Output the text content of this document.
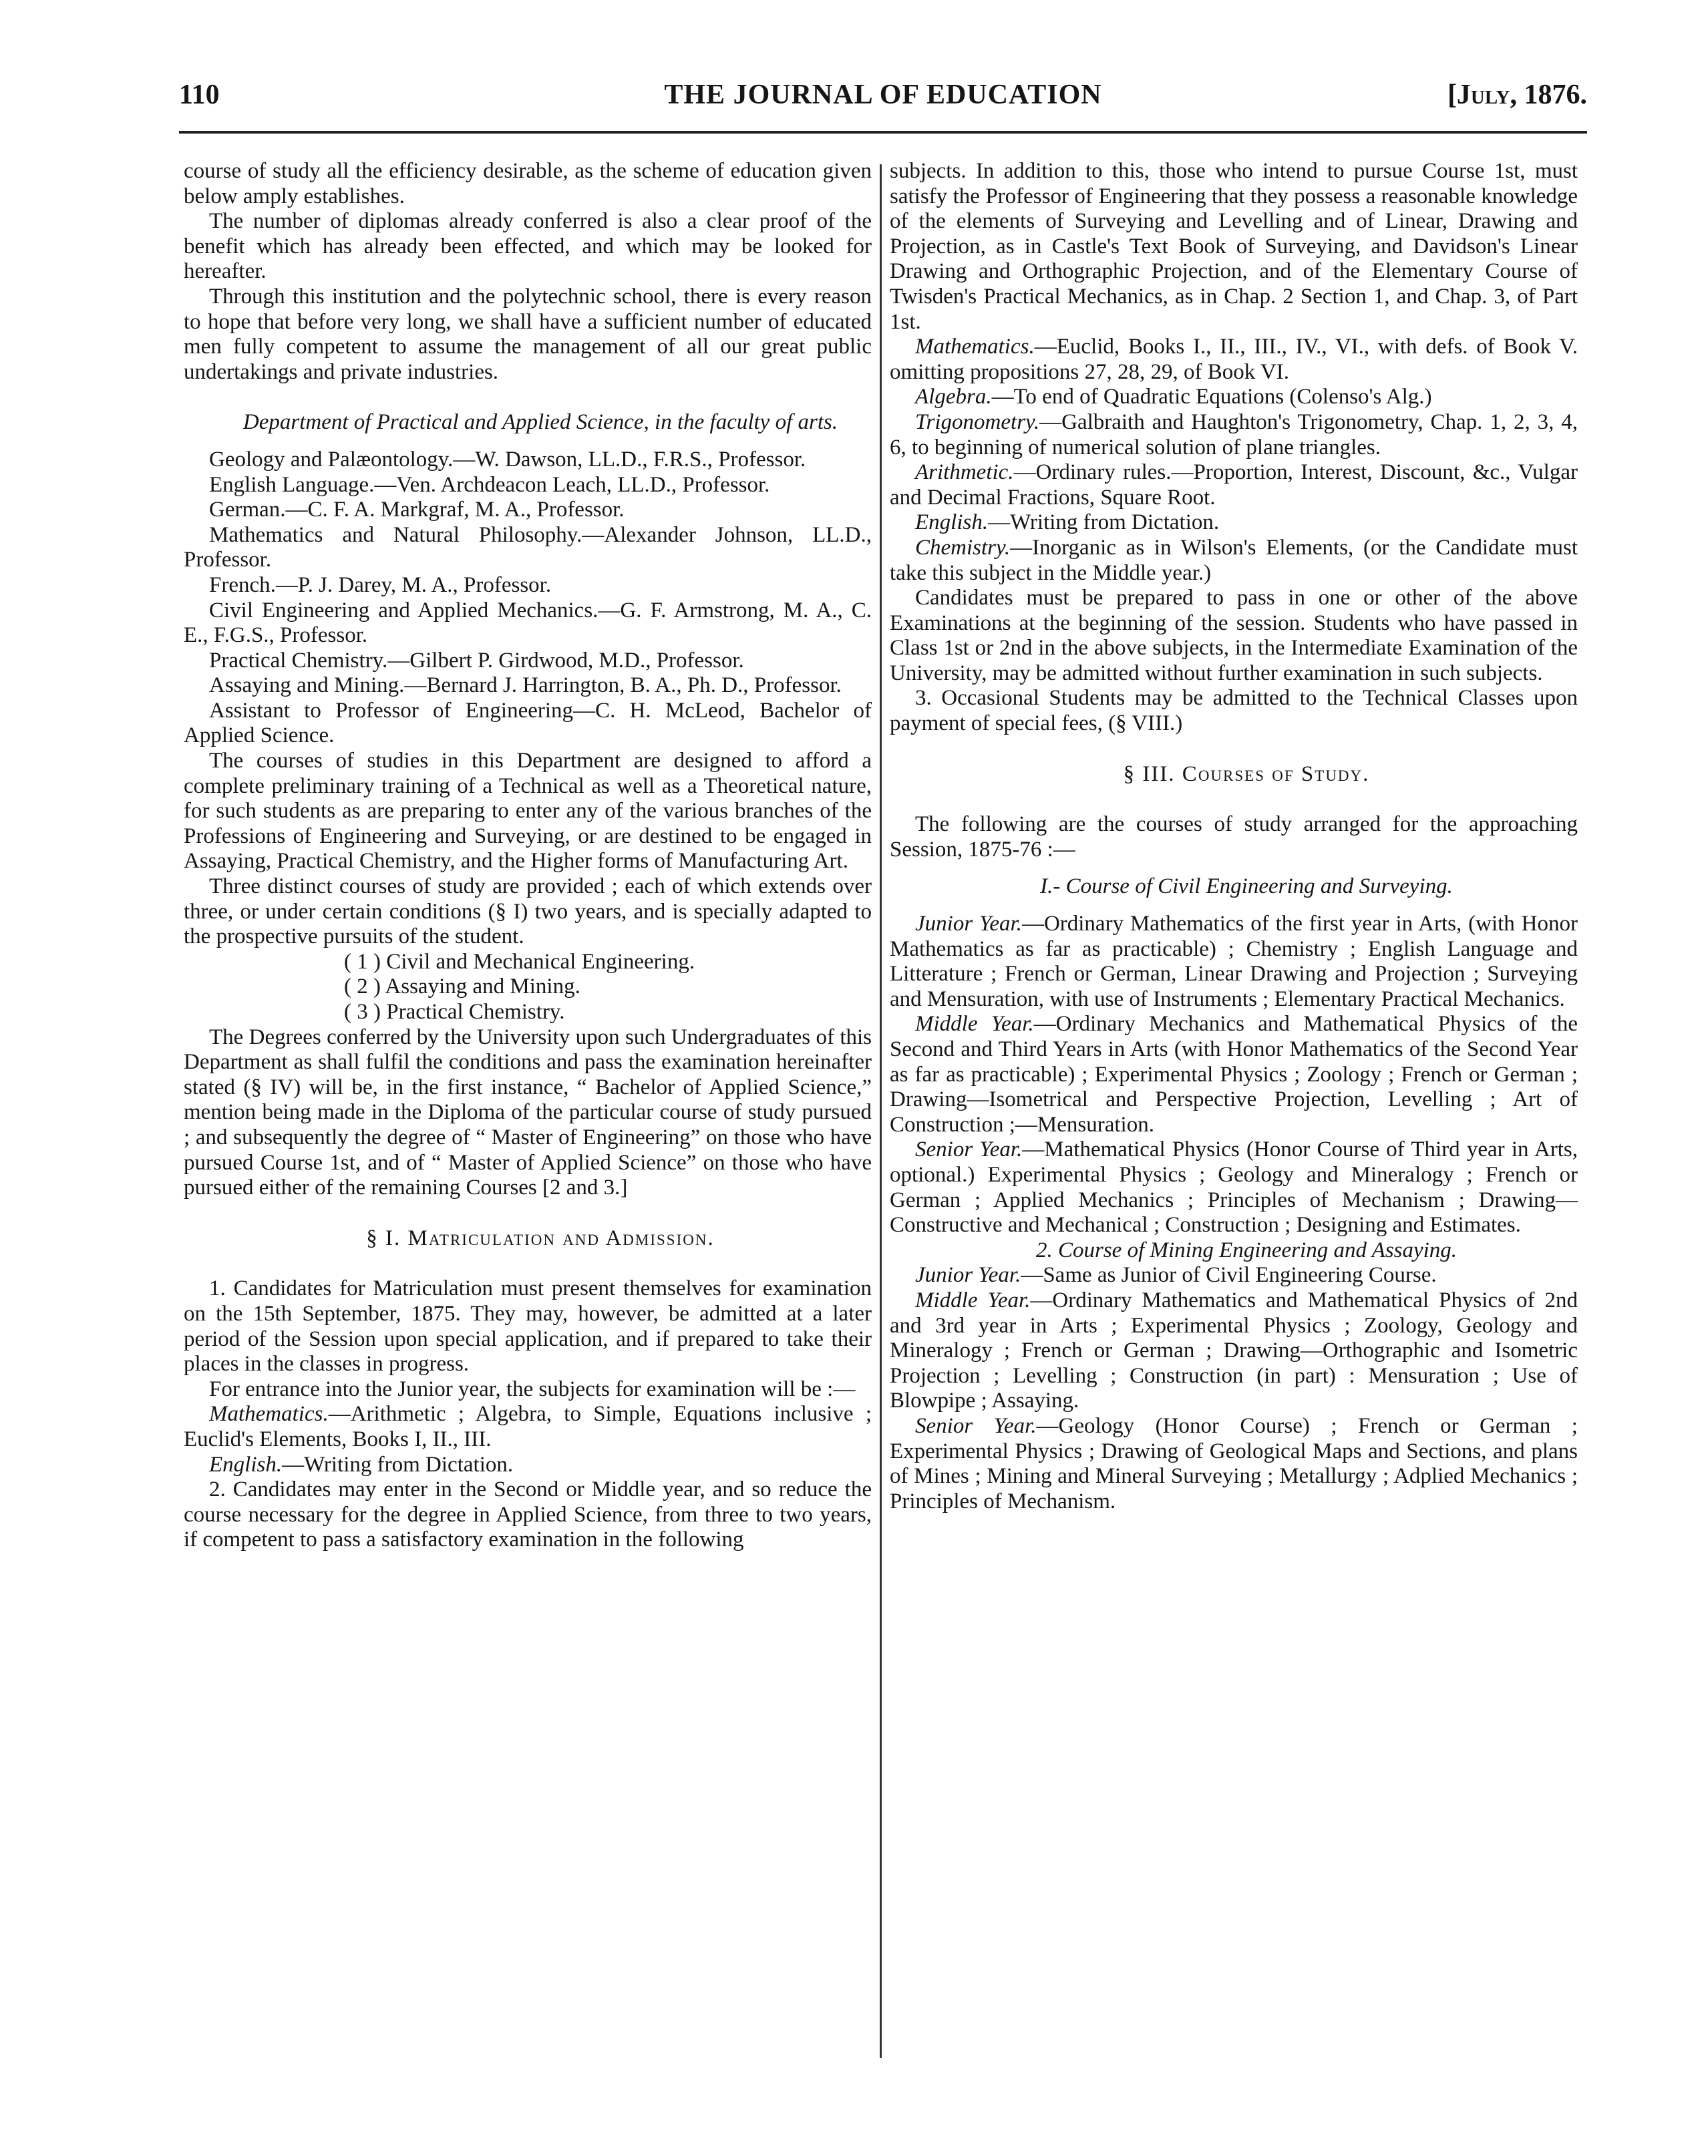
110	THE JOURNAL OF EDUCATION	[July, 1876.

course of study all the efficiency desirable, as the scheme of education given below amply establishes.

The number of diplomas already conferred is also a clear proof of the benefit which has already been effected, and which may be looked for hereafter.

Through this institution and the polytechnic school, there is every reason to hope that before very long, we shall have a sufficient number of educated men fully competent to assume the management of all our great public undertakings and private industries.

Department of Practical and Applied Science, in the faculty of arts.

Geology and Palæontology.—W. Dawson, LL.D., F.R.S., Professor.

English Language.—Ven. Archdeacon Leach, LL.D., Professor.

German.—C. F. A. Markgraf, M. A., Professor.

Mathematics and Natural Philosophy.—Alexander Johnson, LL.D., Professor.

French.—P. J. Darey, M. A., Professor.

Civil Engineering and Applied Mechanics.—G. F. Armstrong, M. A., C. E., F.G.S., Professor.

Practical Chemistry.—Gilbert P. Girdwood, M.D., Professor.

Assaying and Mining.—Bernard J. Harrington, B. A., Ph. D., Professor.

Assistant to Professor of Engineering—C. H. McLeod, Bachelor of Applied Science.

The courses of studies in this Department are designed to afford a complete preliminary training of a Technical as well as a Theoretical nature, for such students as are preparing to enter any of the various branches of the Professions of Engineering and Surveying, or are destined to be engaged in Assaying, Practical Chemistry, and the Higher forms of Manufacturing Art.

Three distinct courses of study are provided ; each of which extends over three, or under certain conditions (§ I) two years, and is specially adapted to the prospective pursuits of the student.

( 1 ) Civil and Mechanical Engineering.

( 2 ) Assaying and Mining.

( 3 ) Practical Chemistry.

The Degrees conferred by the University upon such Undergraduates of this Department as shall fulfil the conditions and pass the examination hereinafter stated (§ IV) will be, in the first instance, “ Bachelor of Applied Science,” mention being made in the Diploma of the particular course of study pursued ; and subsequently the degree of “ Master of Engineering” on those who have pursued Course 1st, and of “ Master of Applied Science” on those who have pursued either of the remaining Courses [2 and 3.]

§ I. Matriculation and Admission.

1. Candidates for Matriculation must present themselves for examination on the 15th September, 1875. They may, however, be admitted at a later period of the Session upon special application, and if prepared to take their places in the classes in progress.

For entrance into the Junior year, the subjects for examination will be :—

Mathematics.—Arithmetic ; Algebra, to Simple, Equations inclusive ; Euclid's Elements, Books I, II., III.

English.—Writing from Dictation.

2. Candidates may enter in the Second or Middle year, and so reduce the course necessary for the degree in Applied Science, from three to two years, if competent to pass a satisfactory examination in the following

subjects. In addition to this, those who intend to pursue Course 1st, must satisfy the Professor of Engineering that they possess a reasonable knowledge of the elements of Surveying and Levelling and of Linear, Drawing and Projection, as in Castle's Text Book of Surveying, and Davidson's Linear Drawing and Orthographic Projection, and of the Elementary Course of Twisden's Practical Mechanics, as in Chap. 2 Section 1, and Chap. 3, of Part 1st.

Mathematics.—Euclid, Books I., II., III., IV., VI., with defs. of Book V. omitting propositions 27, 28, 29, of Book VI.

Algebra.—To end of Quadratic Equations (Colenso's Alg.)

Trigonometry.—Galbraith and Haughton's Trigonometry, Chap. 1, 2, 3, 4, 6, to beginning of numerical solution of plane triangles.

Arithmetic.—Ordinary rules.—Proportion, Interest, Discount, &c., Vulgar and Decimal Fractions, Square Root.

English.—Writing from Dictation.

Chemistry.—Inorganic as in Wilson's Elements, (or the Candidate must take this subject in the Middle year.)

Candidates must be prepared to pass in one or other of the above Examinations at the beginning of the session. Students who have passed in Class 1st or 2nd in the above subjects, in the Intermediate Examination of the University, may be admitted without further examination in such subjects.

3. Occasional Students may be admitted to the Technical Classes upon payment of special fees, (§ VIII.)

§ III. Courses of Study.

The following are the courses of study arranged for the approaching Session, 1875-76 :—

I.- Course of Civil Engineering and Surveying.

Junior Year.—Ordinary Mathematics of the first year in Arts, (with Honor Mathematics as far as practicable) ; Chemistry ; English Language and Litterature ; French or German, Linear Drawing and Projection ; Surveying and Mensuration, with use of Instruments ; Elementary Practical Mechanics.

Middle Year.—Ordinary Mechanics and Mathematical Physics of the Second and Third Years in Arts (with Honor Mathematics of the Second Year as far as practicable) ; Experimental Physics ; Zoology ; French or German ; Drawing—Isometrical and Perspective Projection, Levelling ; Art of Construction ;—Mensuration.

Senior Year.—Mathematical Physics (Honor Course of Third year in Arts, optional.) Experimental Physics ; Geology and Mineralogy ; French or German ; Applied Mechanics ; Principles of Mechanism ; Drawing—Constructive and Mechanical ; Construction ; Designing and Estimates.

2. Course of Mining Engineering and Assaying.

Junior Year.—Same as Junior of Civil Engineering Course.

Middle Year.—Ordinary Mathematics and Mathematical Physics of 2nd and 3rd year in Arts ; Experimental Physics ; Zoology, Geology and Mineralogy ; French or German ; Drawing—Orthographic and Isometric Projection ; Levelling ; Construction (in part) : Mensuration ; Use of Blowpipe ; Assaying.

Senior Year.—Geology (Honor Course) ; French or German ; Experimental Physics ; Drawing of Geological Maps and Sections, and plans of Mines ; Mining and Mineral Surveying ; Metallurgy ; Adplied Mechanics ; Principles of Mechanism.
